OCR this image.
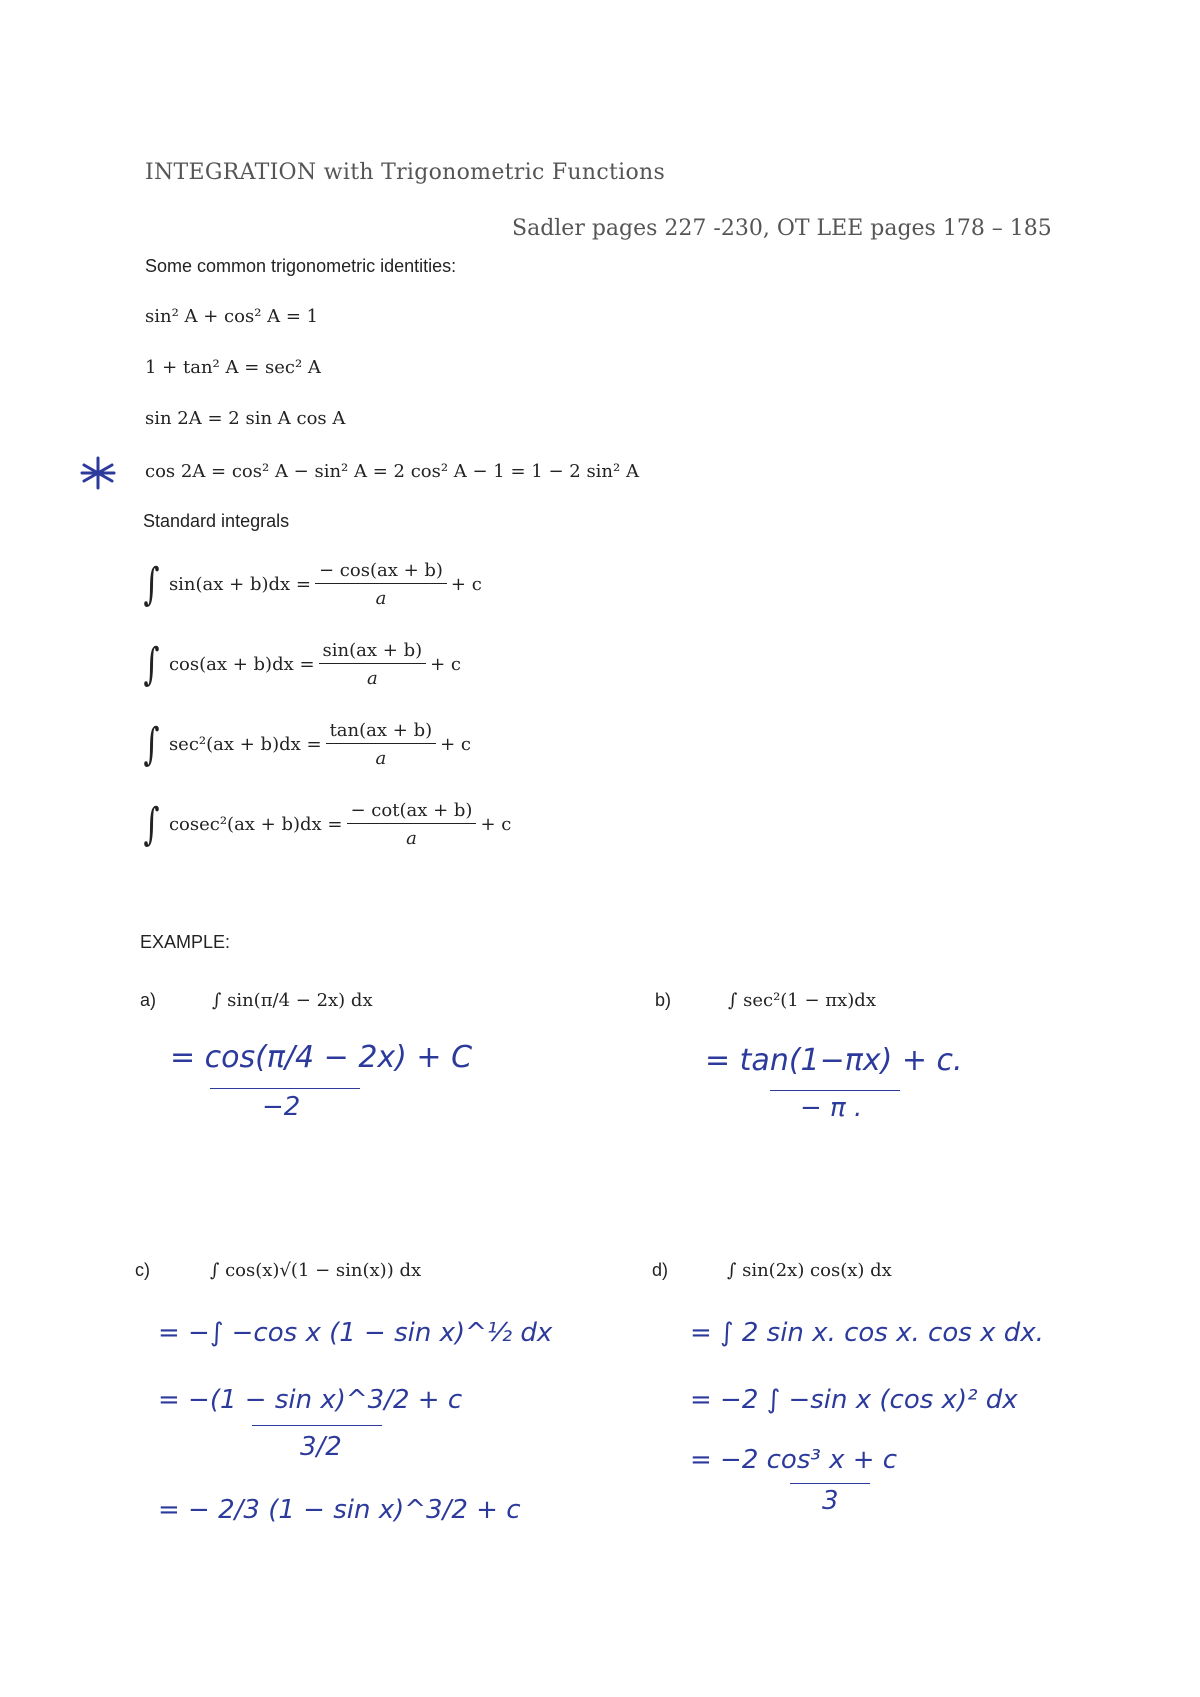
INTEGRATION with Trigonometric Functions
Sadler pages 227 -230, OT LEE pages 178 – 185
Some common trigonometric identities:
sin² A + cos² A = 1
1 + tan² A = sec² A
sin 2A = 2 sin A cos A
cos 2A = cos² A − sin² A = 2 cos² A − 1 = 1 − 2 sin² A
Standard integrals
∫ $\sin(ax + b)dx = \frac{- \cos(ax + b)}{a} + c$
∫ $\cos(ax + b)dx = \frac{\sin(ax + b)}{a} + c$
∫ $\sec^2(ax + b)dx = \frac{\tan(ax + b)}{a} + c$
∫ $cosec^2(ax + b)dx = \frac{- \cot(ax + b)}{a} + c$
EXAMPLE:
a)	∫ sin(π/4 − 2x) dx
= cos(π/4 − 2x) + C
−2
b)	∫ sec²(1 − πx)dx
= tan(1−πx) + c.
− π .
c)	∫ cos(x)√(1 − sin(x)) dx
= −∫ −cos x (1 − sin x)^½ dx
= −(1 − sin x)^3/2 + c
3/2
= − 2/3 (1 − sin x)^3/2 + c
d)	∫ sin(2x) cos(x) dx
= ∫ 2 sin x. cos x. cos x dx.
= −2 ∫ −sin x (cos x)² dx
= −2 cos³ x + c
3
